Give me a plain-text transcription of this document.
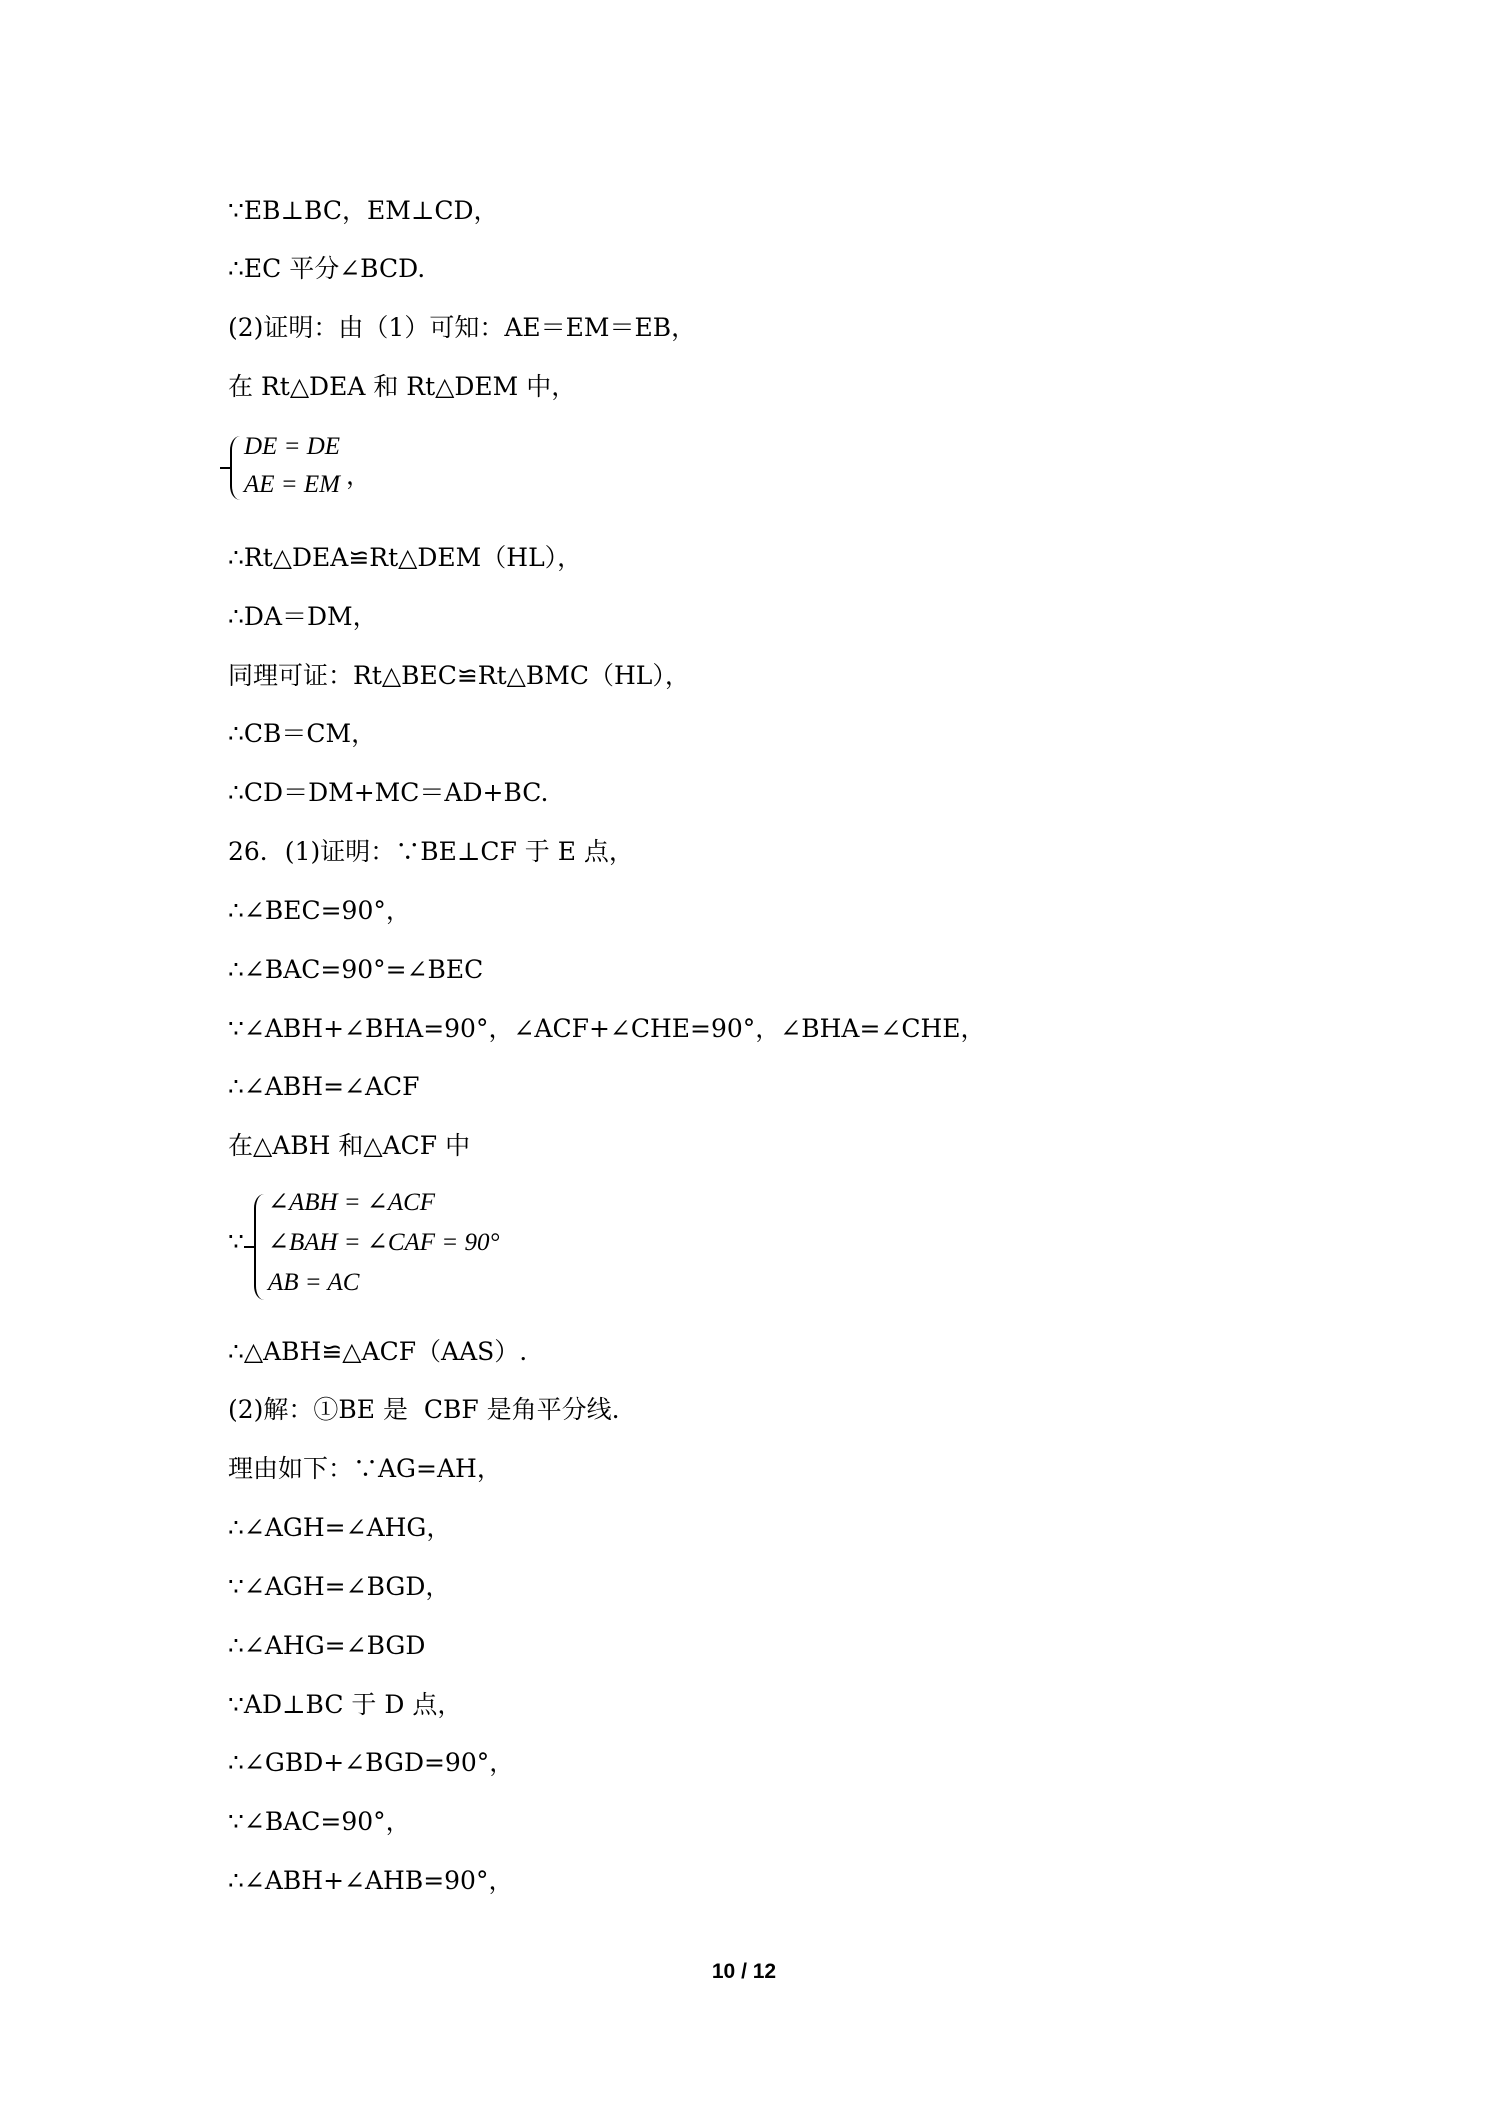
∵EB⊥BC，EM⊥CD，
∴EC 平分∠BCD.
(2)证明：由（1）可知：AE＝EM＝EB，
在 Rt△DEA 和 Rt△DEM 中，
DE = DE
AE = EM ，
∴Rt△DEA≌Rt△DEM（HL），
∴DA＝DM，
同理可证：Rt△BEC≌Rt△BMC（HL），
∴CB＝CM，
∴CD＝DM+MC＝AD+BC.
26．(1)证明：∵BE⊥CF 于 E 点，
∴∠BEC=90°，
∴∠BAC=90°=∠BEC
∵∠ABH+∠BHA=90°，∠ACF+∠CHE=90°，∠BHA=∠CHE，
∴∠ABH=∠ACF
在△ABH 和△ACF 中
∵
∠ABH = ∠ACF
∠BAH = ∠CAF = 90°
AB = AC
∴△ABH≌△ACF（AAS）.
(2)解：①BE 是  CBF 是角平分线.
理由如下：∵AG=AH，
∴∠AGH=∠AHG，
∵∠AGH=∠BGD，
∴∠AHG=∠BGD
∵AD⊥BC 于 D 点，
∴∠GBD+∠BGD=90°，
∵∠BAC=90°，
∴∠ABH+∠AHB=90°，
10 / 12
